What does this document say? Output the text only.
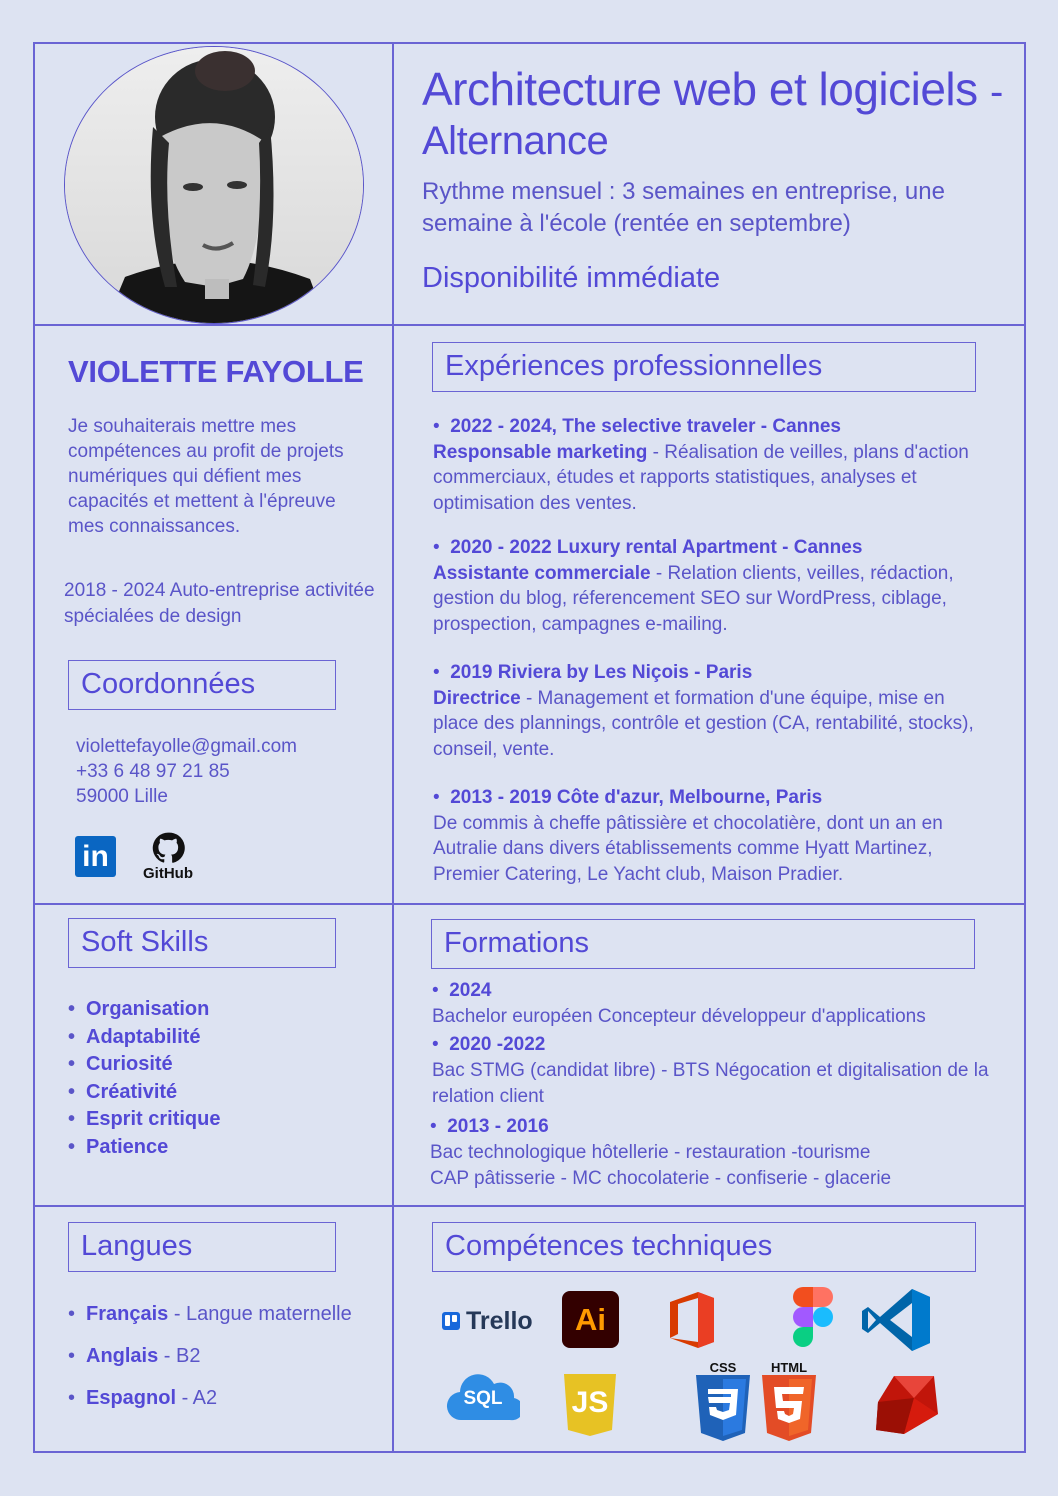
Architecture web et logiciels - Alternance
Rythme mensuel : 3 semaines en entreprise, une semaine à l'école (rentée en septembre)
Disponibilité immédiate
VIOLETTE FAYOLLE
Je souhaiterais mettre mes compétences au profit de projets numériques qui défient mes capacités et mettent à l'épreuve mes connaissances.
2018 - 2024 Auto-entreprise activitée spécialées de design
Coordonnées
violettefayolle@gmail.com
+33 6 48 97 21 85
59000 Lille
in
GitHub
Expériences professionnelles
•  2022 - 2024, The selective traveler - Cannes
Responsable marketing - Réalisation de veilles, plans d'action commerciaux, études et rapports statistiques, analyses et optimisation des ventes.
•  2020 - 2022 Luxury rental Apartment - Cannes
Assistante commerciale - Relation clients, veilles, rédaction, gestion du blog, réferencement SEO sur WordPress, ciblage, prospection, campagnes e-mailing.
•  2019 Riviera by Les Niçois - Paris
Directrice - Management et formation d'une équipe, mise en place des plannings, contrôle et gestion (CA, rentabilité, stocks), conseil, vente.
•  2013 - 2019 Côte d'azur, Melbourne, Paris
De commis à cheffe pâtissière et chocolatière, dont un an en Autralie dans divers établissements comme Hyatt Martinez, Premier Catering, Le Yacht club, Maison Pradier.
Soft Skills
• Organisation
• Adaptabilité
• Curiosité
• Créativité
• Esprit critique
• Patience
Formations
•  2024
Bachelor européen Concepteur développeur d'applications
•  2020 -2022
Bac STMG (candidat libre) - BTS Négocation et digitalisation de la relation client
•  2013 - 2016
Bac technologique hôtellerie - restauration -tourisme
CAP pâtisserie - MC chocolaterie - confiserie - glacerie
Langues
• Français - Langue maternelle
• Anglais - B2
• Espagnol - A2
Compétences techniques
Trello	Ai
SQL	JS
CSS	HTML
